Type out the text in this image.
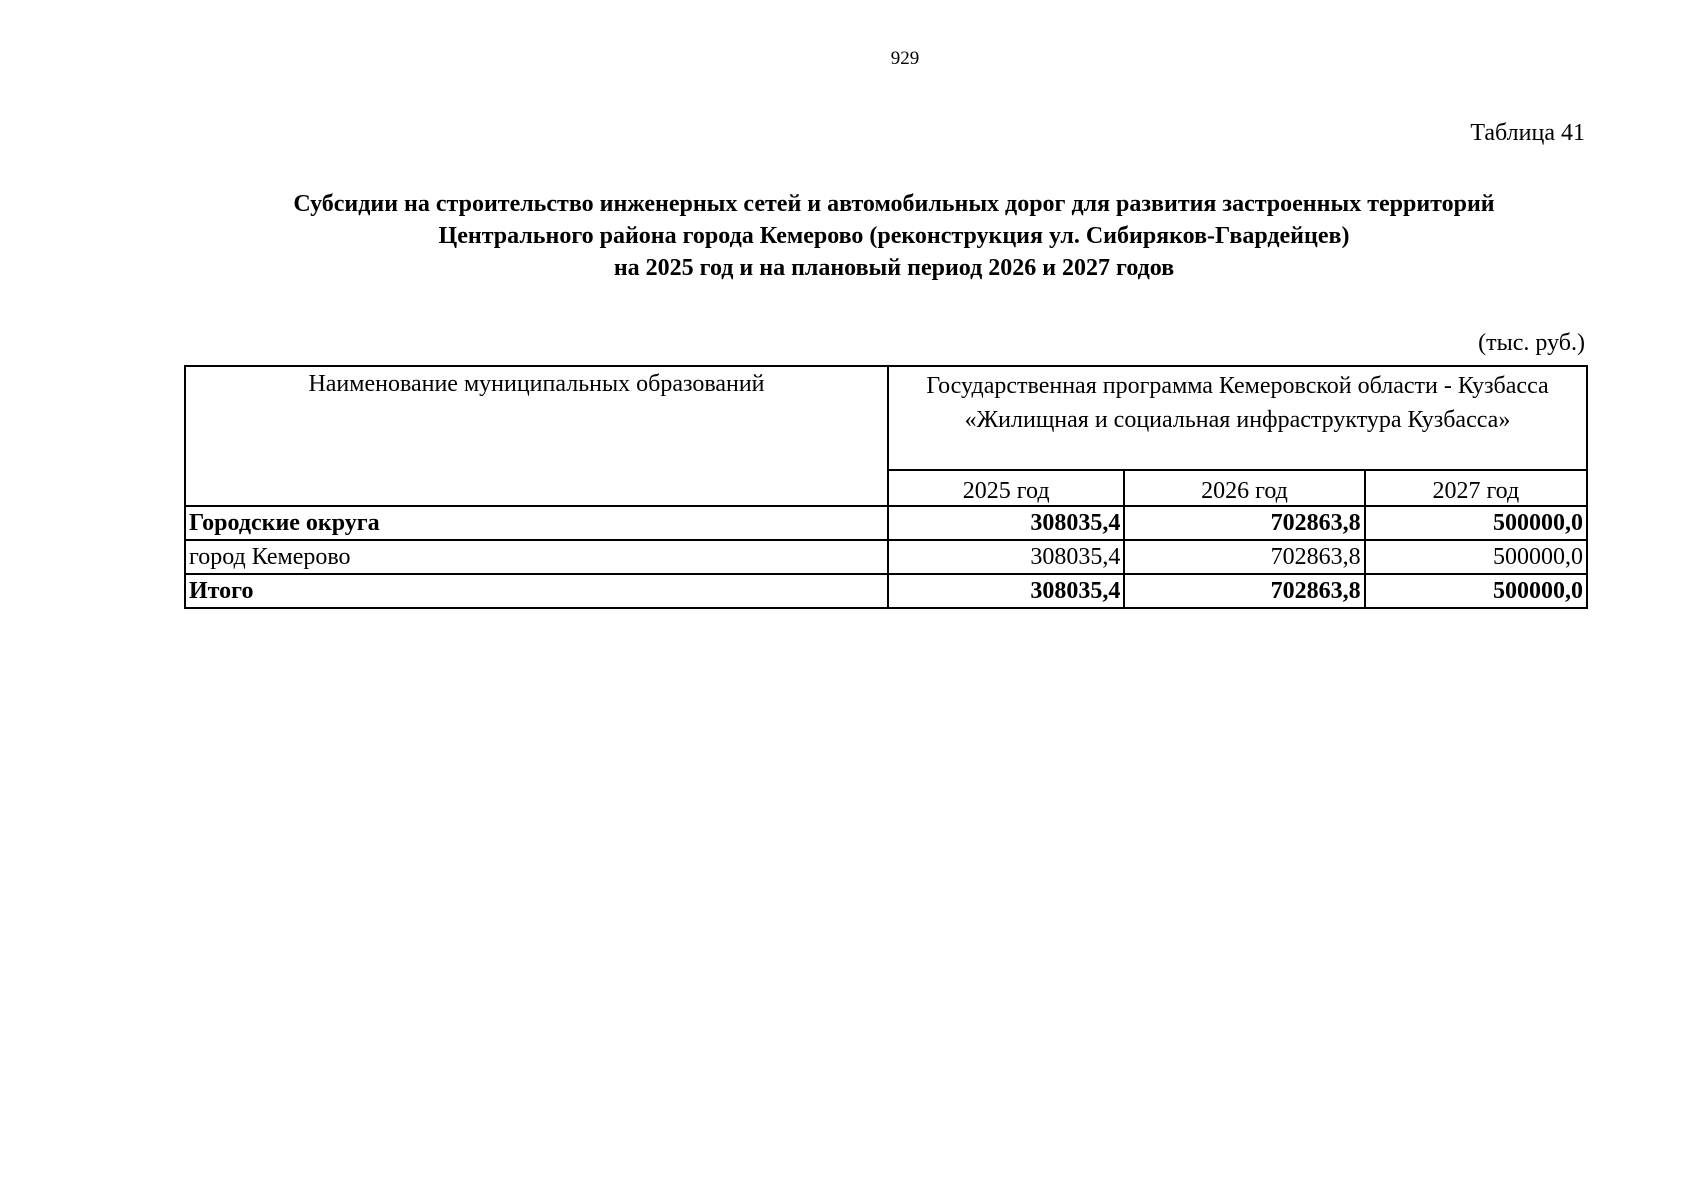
929
Таблица 41
Субсидии на строительство инженерных сетей и автомобильных дорог для развития застроенных территорий
Центрального района города Кемерово (реконструкция ул. Сибиряков-Гвардейцев)
на 2025 год и на плановый период 2026 и 2027 годов
(тыс. руб.)
Наименование муниципальных образований	Государственная программа Кемеровской области - Кузбасса
«Жилищная и социальная инфраструктура Кузбасса»		

	2025 год	2026 год	2027 год
Городские округа	308035,4	702863,8	500000,0
город Кемерово	308035,4	702863,8	500000,0
Итого	308035,4	702863,8	500000,0
